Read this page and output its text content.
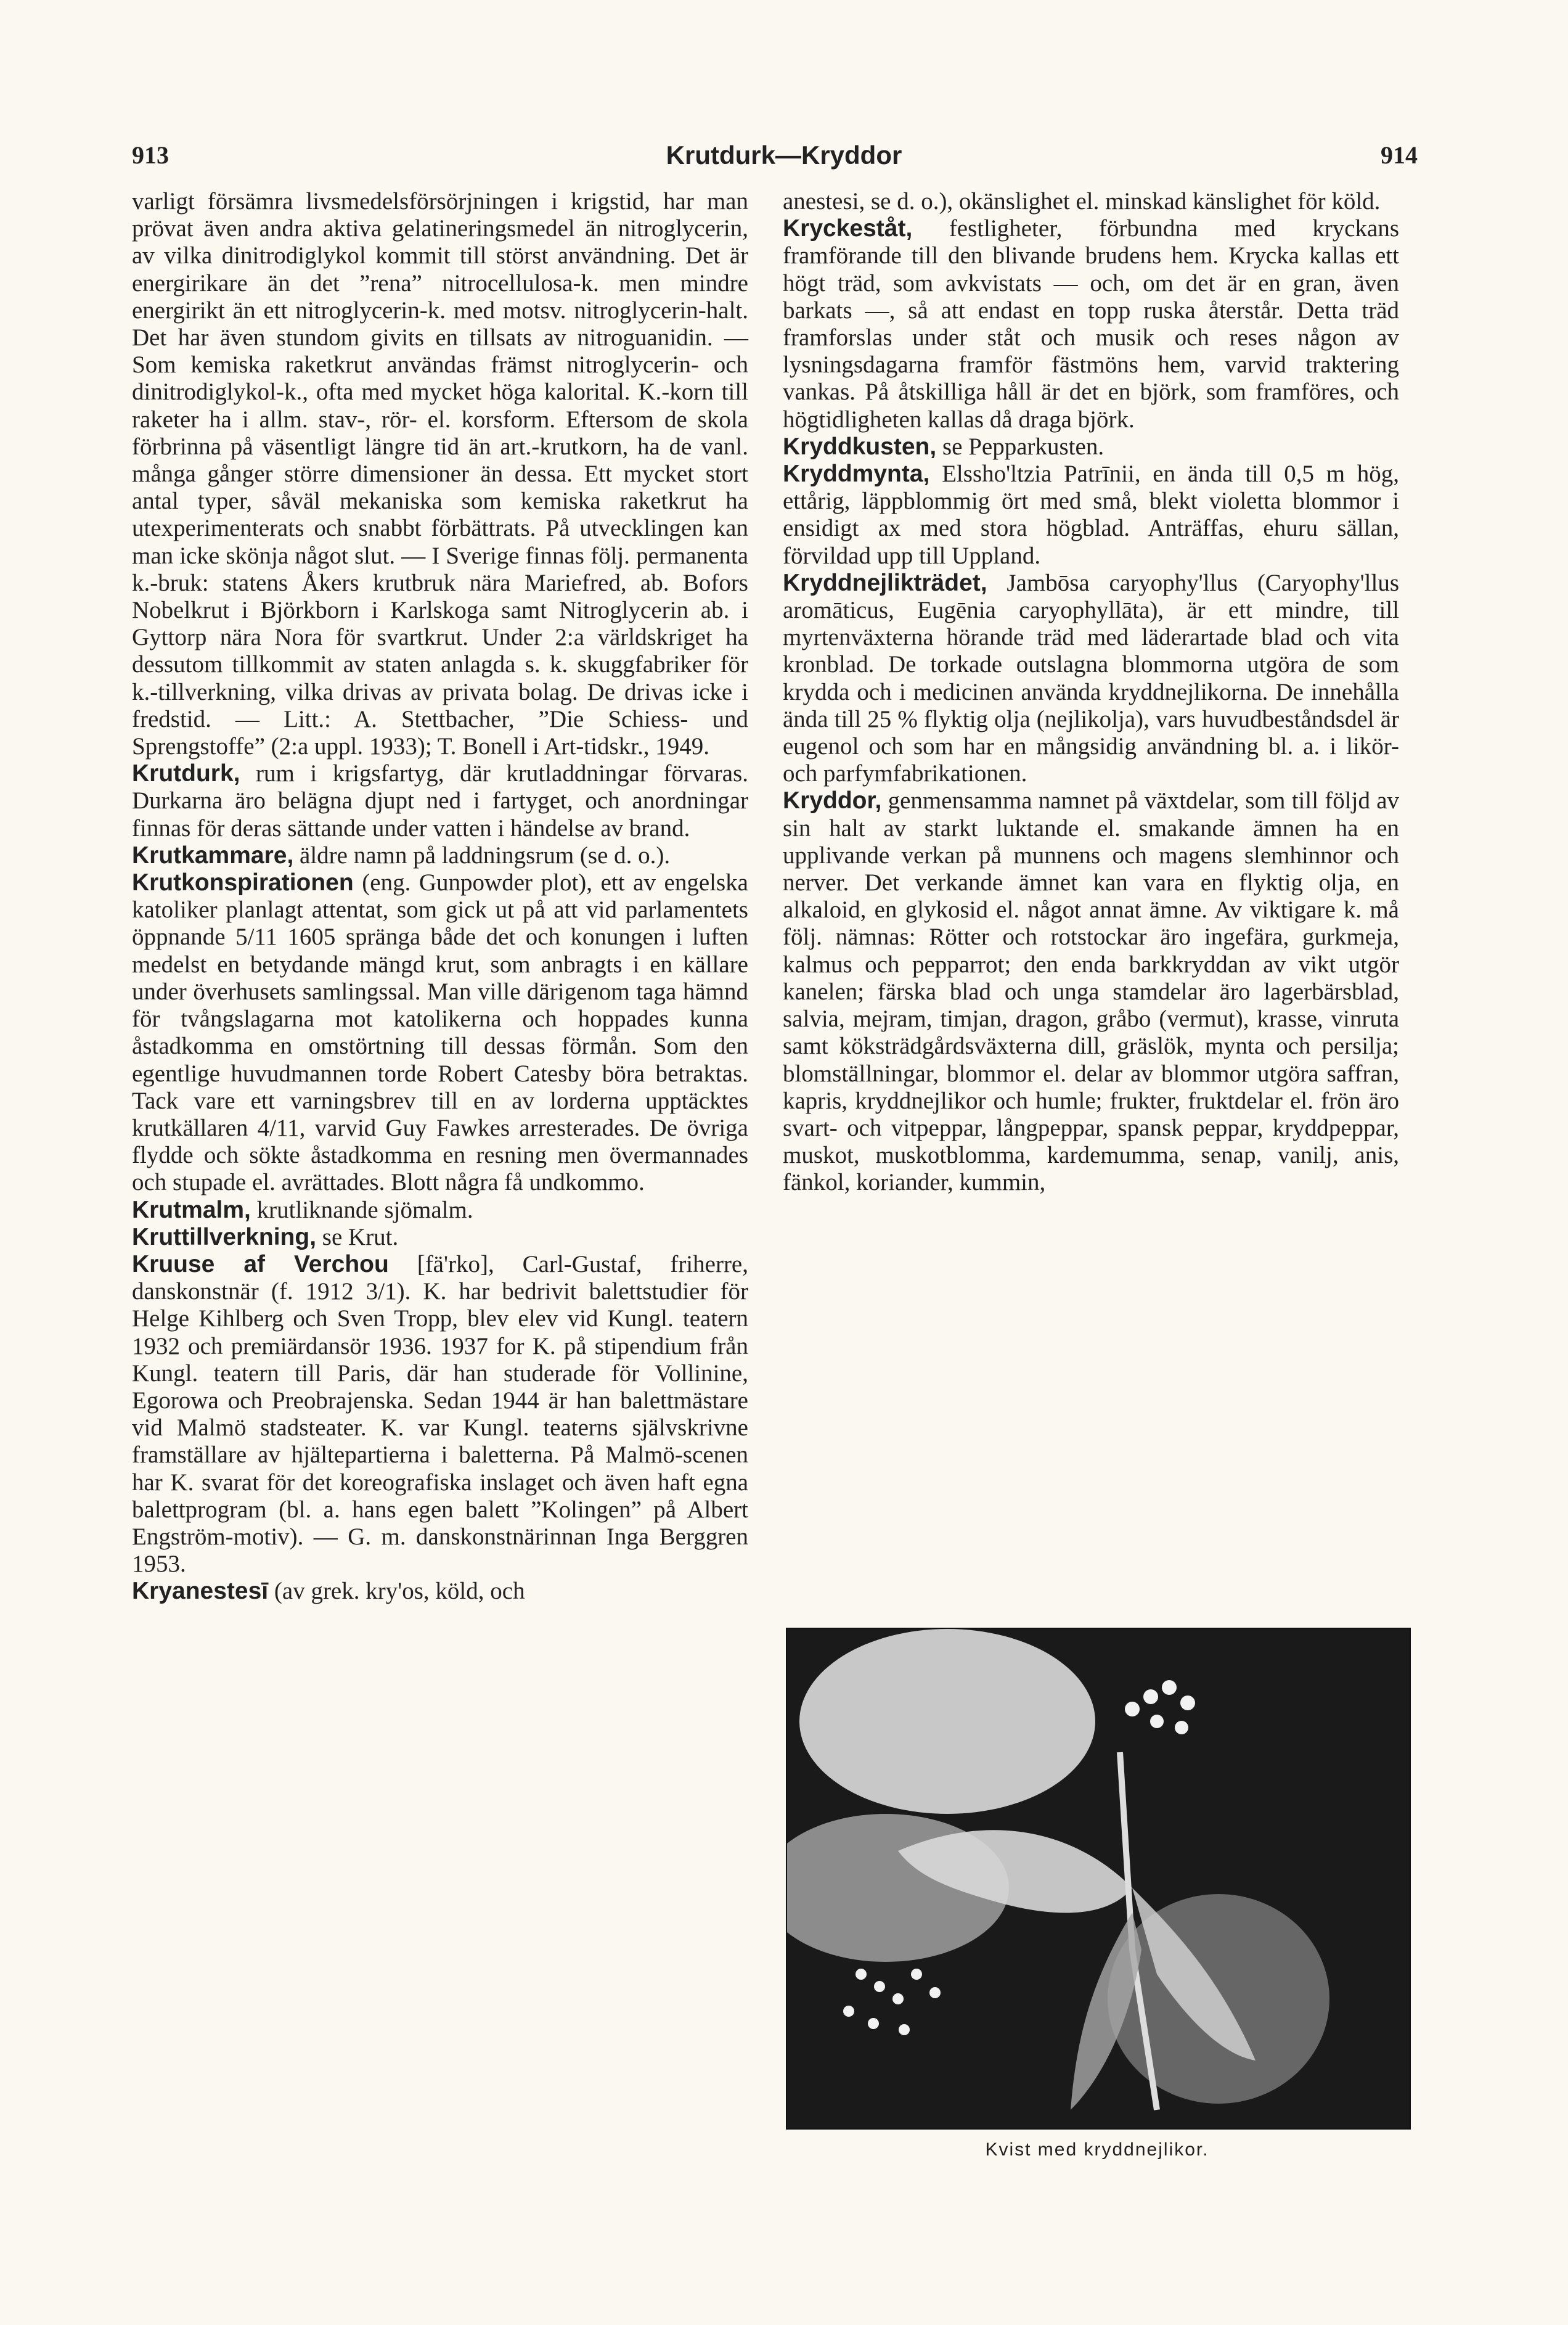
913	Krutdurk—Kryddor	914

varligt försämra livsmedelsförsörjningen i krigstid, har man prövat även andra aktiva gelatineringsmedel än nitroglycerin, av vilka dinitrodiglykol kommit till störst användning. Det är energirikare än det ”rena” nitrocellulosa-k. men mindre energirikt än ett nitroglycerin-k. med motsv. nitroglycerin-halt. Det har även stundom givits en tillsats av nitroguanidin. — Som kemiska raketkrut användas främst nitroglycerin- och dinitrodiglykol-k., ofta med mycket höga kalorital. K.-korn till raketer ha i allm. stav-, rör- el. korsform. Eftersom de skola förbrinna på väsentligt längre tid än art.-krutkorn, ha de vanl. många gånger större dimensioner än dessa. Ett mycket stort antal typer, såväl mekaniska som kemiska raketkrut ha utexperimenterats och snabbt förbättrats. På utvecklingen kan man icke skönja något slut. — I Sverige finnas följ. permanenta k.-bruk: statens Åkers krutbruk nära Mariefred, ab. Bofors Nobelkrut i Björkborn i Karlskoga samt Nitroglycerin ab. i Gyttorp nära Nora för svartkrut. Under 2:a världskriget ha dessutom tillkommit av staten anlagda s. k. skuggfabriker för k.-tillverkning, vilka drivas av privata bolag. De drivas icke i fredstid. — Litt.: A. Stettbacher, ”Die Schiess- und Sprengstoffe” (2:a uppl. 1933); T. Bonell i Art-tidskr., 1949.

Krutdurk, rum i krigsfartyg, där krutladdningar förvaras. Durkarna äro belägna djupt ned i fartyget, och anordningar finnas för deras sättande under vatten i händelse av brand.

Krutkammare, äldre namn på laddningsrum (se d. o.).

Krutkonspirationen (eng. Gunpowder plot), ett av engelska katoliker planlagt attentat, som gick ut på att vid parlamentets öppnande 5/11 1605 spränga både det och konungen i luften medelst en betydande mängd krut, som anbragts i en källare under överhusets samlingssal. Man ville därigenom taga hämnd för tvångslagarna mot katolikerna och hoppades kunna åstadkomma en omstörtning till dessas förmån. Som den egentlige huvudmannen torde Robert Catesby böra betraktas. Tack vare ett varningsbrev till en av lorderna upptäcktes krutkällaren 4/11, varvid Guy Fawkes arresterades. De övriga flydde och sökte åstadkomma en resning men övermannades och stupade el. avrättades. Blott några få undkommo.

Krutmalm, krutliknande sjömalm.

Kruttillverkning, se Krut.

Kruuse af Verchou [fä'rko], Carl-Gustaf, friherre, danskonstnär (f. 1912 3/1). K. har bedrivit balettstudier för Helge Kihlberg och Sven Tropp, blev elev vid Kungl. teatern 1932 och premiärdansör 1936. 1937 for K. på stipendium från Kungl. teatern till Paris, där han studerade för Vollinine, Egorowa och Preobrajenska. Sedan 1944 är han balettmästare vid Malmö stadsteater. K. var Kungl. teaterns självskrivne framställare av hjältepartierna i baletterna. På Malmö-scenen har K. svarat för det koreografiska inslaget och även haft egna balettprogram (bl. a. hans egen balett ”Kolingen” på Albert Engström-motiv). — G. m. danskonstnärinnan Inga Berggren 1953.

Kryanestesī (av grek. kry'os, köld, och

anestesi, se d. o.), okänslighet el. minskad känslighet för köld.

Kryckeståt, festligheter, förbundna med kryckans framförande till den blivande brudens hem. Krycka kallas ett högt träd, som avkvistats — och, om det är en gran, även barkats —, så att endast en topp ruska återstår. Detta träd framforslas under ståt och musik och reses någon av lysningsdagarna framför fästmöns hem, varvid traktering vankas. På åtskilliga håll är det en björk, som framföres, och högtidligheten kallas då draga björk.

Kryddkusten, se Pepparkusten.

Kryddmynta, Elssho'ltzia Patrīnii, en ända till 0,5 m hög, ettårig, läppblommig ört med små, blekt violetta blommor i ensidigt ax med stora högblad. Anträffas, ehuru sällan, förvildad upp till Uppland.

Kryddnejlikträdet, Jambōsa caryophy'llus (Caryophy'llus aromāticus, Eugēnia caryophyllāta), är ett mindre, till myrtenväxterna hörande träd med läderartade blad och vita kronblad. De torkade outslagna blommorna utgöra de som krydda och i medicinen använda kryddnejlikorna. De innehålla ända till 25 % flyktig olja (nejlikolja), vars huvudbeståndsdel är eugenol och som har en mångsidig användning bl. a. i likör- och parfymfabrikationen.

Kryddor, genmensamma namnet på växtdelar, som till följd av sin halt av starkt luktande el. smakande ämnen ha en upplivande verkan på munnens och magens slemhinnor och nerver. Det verkande ämnet kan vara en flyktig olja, en alkaloid, en glykosid el. något annat ämne. Av viktigare k. må följ. nämnas: Rötter och rotstockar äro ingefära, gurkmeja, kalmus och pepparrot; den enda barkkryddan av vikt utgör kanelen; färska blad och unga stamdelar äro lagerbärsblad, salvia, mejram, timjan, dragon, gråbo (vermut), krasse, vinruta samt köksträdgårdsväxterna dill, gräslök, mynta och persilja; blomställningar, blommor el. delar av blommor utgöra saffran, kapris, kryddnejlikor och humle; frukter, fruktdelar el. frön äro svart- och vitpeppar, långpeppar, spansk peppar, kryddpeppar, muskot, muskotblomma, kardemumma, senap, vanilj, anis, fänkol, koriander, kummin,

Kvist med kryddnejlikor.
